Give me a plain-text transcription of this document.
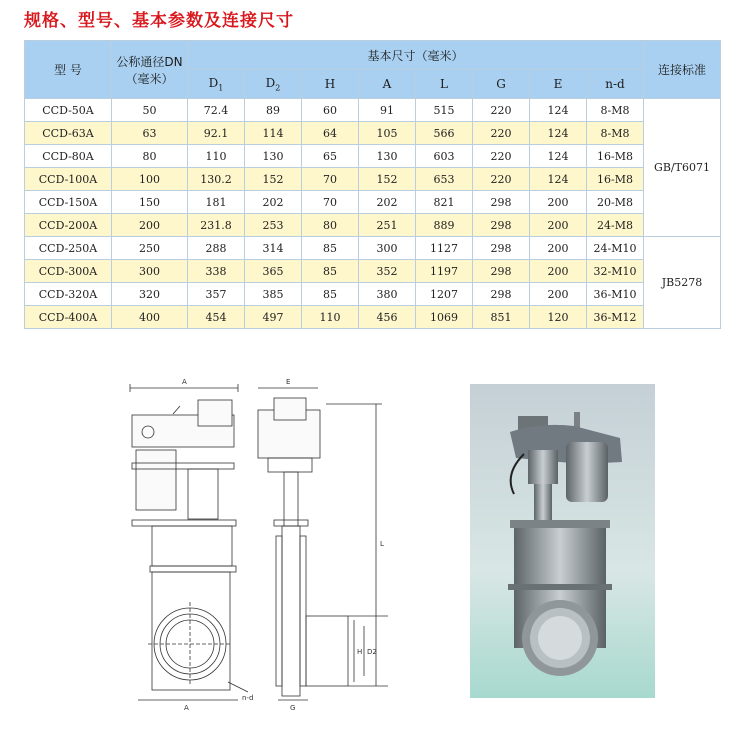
规格、型号、基本参数及连接尺寸
型 号	公称通径DN（毫米）	基本尺寸（毫米）								连接标准
		$D_1$	$D_2$	H	A	L	G	E	n-d	
CCD-50A	50	72.4	89	60	91	515	220	124	8-M8	GB/T6071
CCD-63A	63	92.1	114	64	105	566	220	124	8-M8	
CCD-80A	80	110	130	65	130	603	220	124	16-M8	
CCD-100A	100	130.2	152	70	152	653	220	124	16-M8	
CCD-150A	150	181	202	70	202	821	298	200	20-M8	
CCD-200A	200	231.8	253	80	251	889	298	200	24-M8	
CCD-250A	250	288	314	85	300	1127	298	200	24-M10	JB5278
CCD-300A	300	338	365	85	352	1197	298	200	32-M10	
CCD-320A	320	357	385	85	380	1207	298	200	36-M10	
CCD-400A	400	454	497	110	456	1069	851	120	36-M12	
A	E
L
H D2
n-d
A	G
